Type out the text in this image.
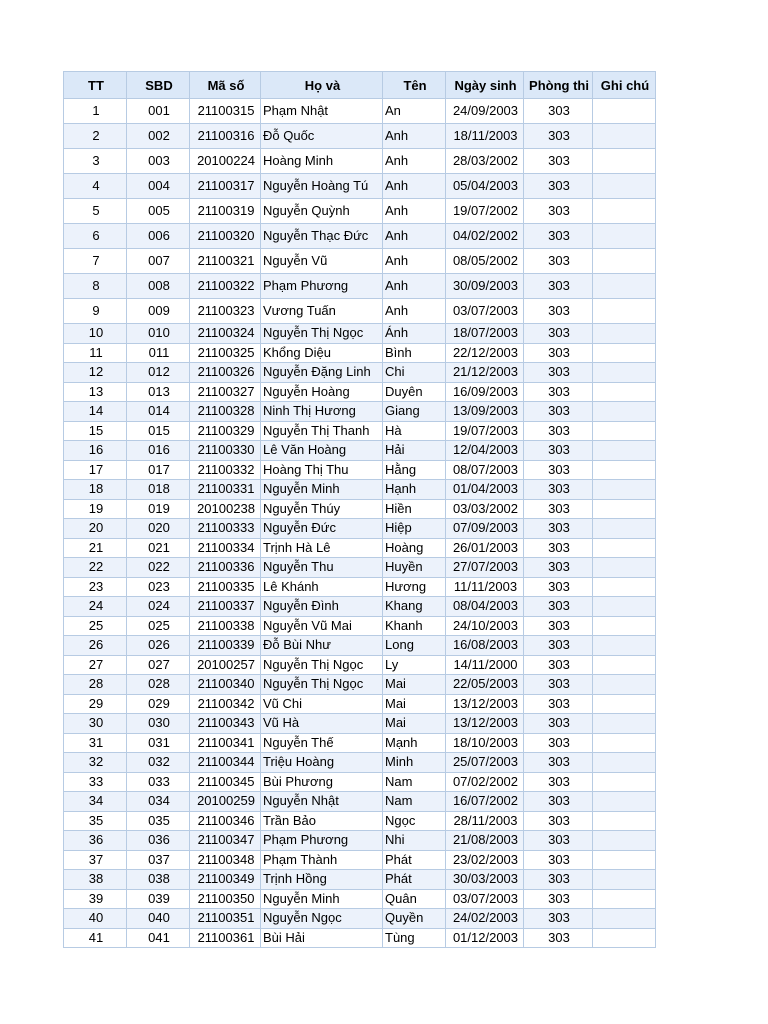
TT	SBD	Mã số	Họ và	Tên	Ngày sinh	Phòng thi	Ghi chú
1	001	21100315	Phạm Nhật	An	24/09/2003	303	
2	002	21100316	Đỗ Quốc	Anh	18/11/2003	303	
3	003	20100224	Hoàng Minh	Anh	28/03/2002	303	
4	004	21100317	Nguyễn Hoàng Tú	Anh	05/04/2003	303	
5	005	21100319	Nguyễn Quỳnh	Anh	19/07/2002	303	
6	006	21100320	Nguyễn Thạc Đức	Anh	04/02/2002	303	
7	007	21100321	Nguyễn Vũ	Anh	08/05/2002	303	
8	008	21100322	Phạm Phương	Anh	30/09/2003	303	
9	009	21100323	Vương Tuấn	Anh	03/07/2003	303	
10	010	21100324	Nguyễn Thị Ngọc	Ánh	18/07/2003	303	
11	011	21100325	Khổng Diệu	Bình	22/12/2003	303	
12	012	21100326	Nguyễn Đặng Linh	Chi	21/12/2003	303	
13	013	21100327	Nguyễn Hoàng	Duyên	16/09/2003	303	
14	014	21100328	Ninh Thị Hương	Giang	13/09/2003	303	
15	015	21100329	Nguyễn Thị Thanh	Hà	19/07/2003	303	
16	016	21100330	Lê Văn Hoàng	Hải	12/04/2003	303	
17	017	21100332	Hoàng Thị Thu	Hằng	08/07/2003	303	
18	018	21100331	Nguyễn Minh	Hạnh	01/04/2003	303	
19	019	20100238	Nguyễn Thúy	Hiền	03/03/2002	303	
20	020	21100333	Nguyễn Đức	Hiệp	07/09/2003	303	
21	021	21100334	Trịnh Hà Lê	Hoàng	26/01/2003	303	
22	022	21100336	Nguyễn Thu	Huyền	27/07/2003	303	
23	023	21100335	Lê Khánh	Hương	11/11/2003	303	
24	024	21100337	Nguyễn Đình	Khang	08/04/2003	303	
25	025	21100338	Nguyễn Vũ Mai	Khanh	24/10/2003	303	
26	026	21100339	Đỗ Bùi Như	Long	16/08/2003	303	
27	027	20100257	Nguyễn Thị Ngọc	Ly	14/11/2000	303	
28	028	21100340	Nguyễn Thị Ngọc	Mai	22/05/2003	303	
29	029	21100342	Vũ Chi	Mai	13/12/2003	303	
30	030	21100343	Vũ Hà	Mai	13/12/2003	303	
31	031	21100341	Nguyễn Thế	Mạnh	18/10/2003	303	
32	032	21100344	Triệu Hoàng	Minh	25/07/2003	303	
33	033	21100345	Bùi Phương	Nam	07/02/2002	303	
34	034	20100259	Nguyễn Nhật	Nam	16/07/2002	303	
35	035	21100346	Trần Bảo	Ngọc	28/11/2003	303	
36	036	21100347	Phạm Phương	Nhi	21/08/2003	303	
37	037	21100348	Phạm Thành	Phát	23/02/2003	303	
38	038	21100349	Trịnh Hồng	Phát	30/03/2003	303	
39	039	21100350	Nguyễn Minh	Quân	03/07/2003	303	
40	040	21100351	Nguyễn Ngọc	Quyền	24/02/2003	303	
41	041	21100361	Bùi Hải	Tùng	01/12/2003	303	
